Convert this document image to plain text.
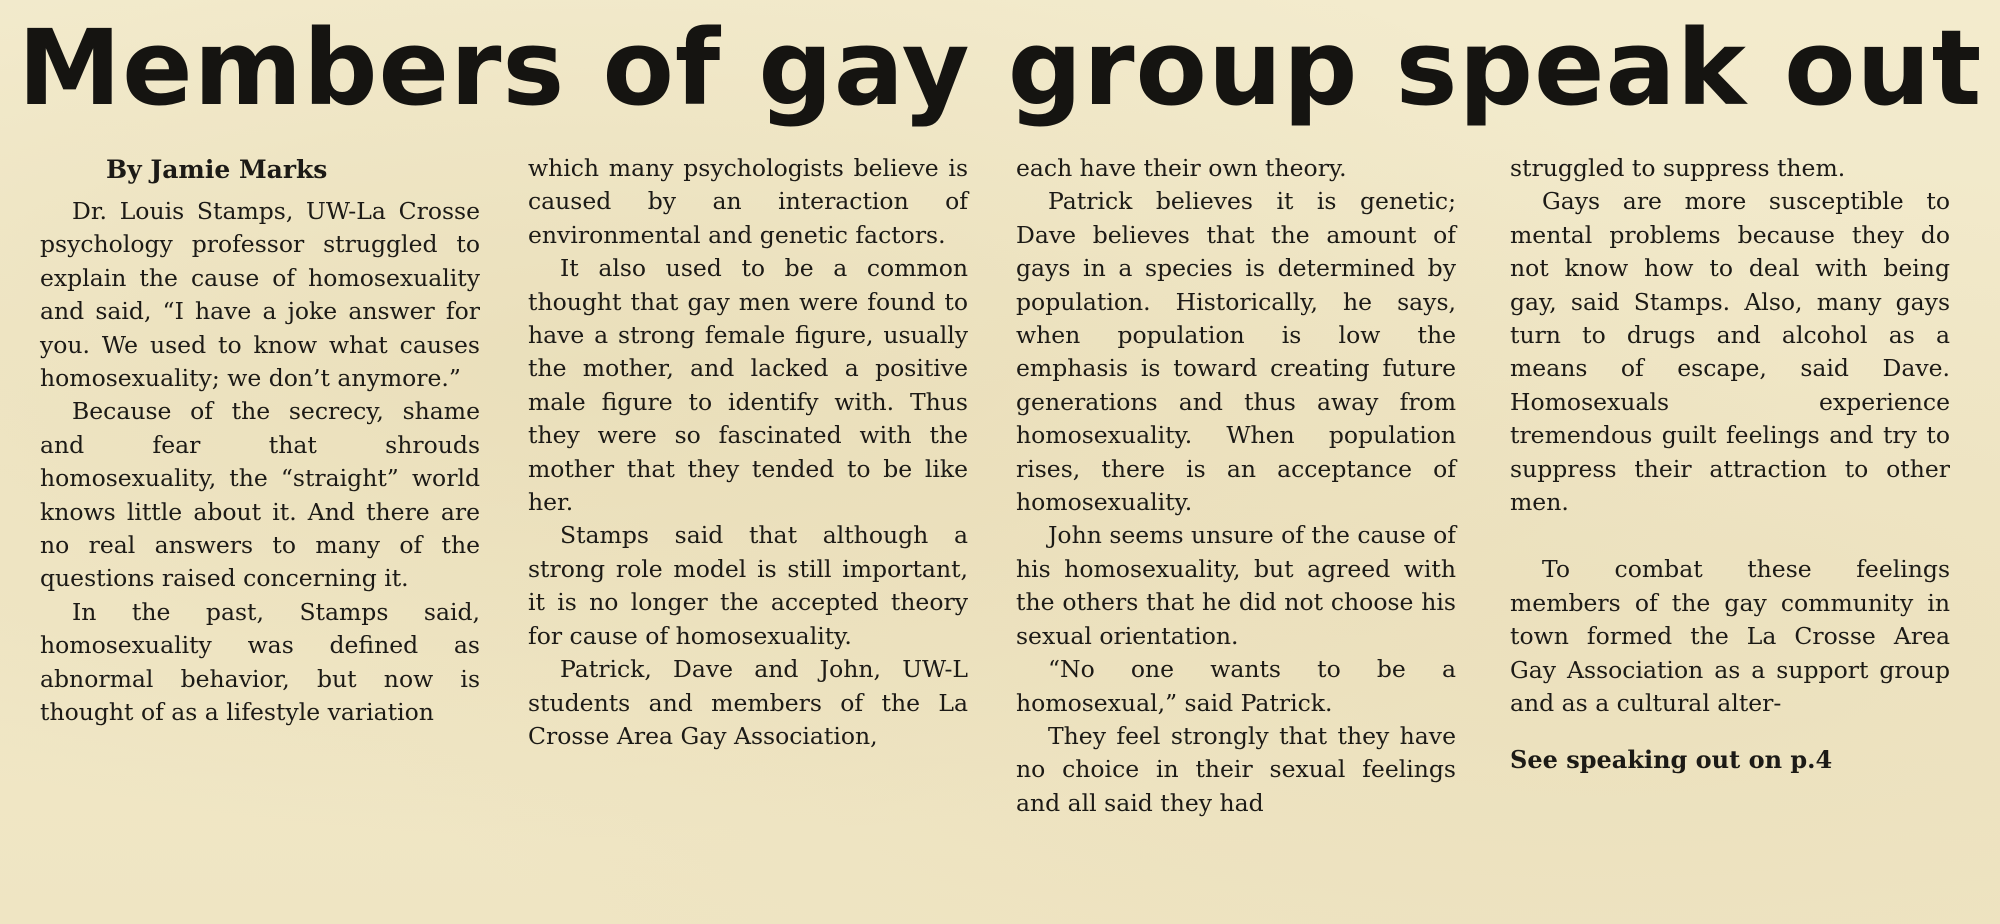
Members of gay group speak out
By Jamie Marks

Dr. Louis Stamps, UW-La Crosse psychology professor struggled to explain the cause of homosexuality and said, “I have a joke answer for you. We used to know what causes homosexuality; we don’t anymore.”

Because of the secrecy, shame and fear that shrouds homosexuality, the “straight” world knows little about it. And there are no real answers to many of the questions raised concerning it.

In the past, Stamps said, homosexuality was defined as abnormal behavior, but now is thought of as a lifestyle variation

which many psychologists believe is caused by an interaction of environmental and genetic factors.

It also used to be a common thought that gay men were found to have a strong female figure, usually the mother, and lacked a positive male figure to identify with. Thus they were so fascinated with the mother that they tended to be like her.

Stamps said that although a strong role model is still important, it is no longer the accepted theory for cause of homosexuality.

Patrick, Dave and John, UW-L students and members of the La Crosse Area Gay Association,

each have their own theory.

Patrick believes it is genetic; Dave believes that the amount of gays in a species is determined by population. Historically, he says, when population is low the emphasis is toward creating future generations and thus away from homosexuality. When population rises, there is an acceptance of homosexuality.

John seems unsure of the cause of his homosexuality, but agreed with the others that he did not choose his sexual orientation.

“No one wants to be a homosexual,” said Patrick.

They feel strongly that they have no choice in their sexual feelings and all said they had

struggled to suppress them.

Gays are more susceptible to mental problems because they do not know how to deal with being gay, said Stamps. Also, many gays turn to drugs and alcohol as a means of escape, said Dave. Homosexuals experience tremendous guilt feelings and try to suppress their attraction to other men.

To combat these feelings members of the gay community in town formed the La Crosse Area Gay Association as a support group and as a cultural alter-

See speaking out on p.4
